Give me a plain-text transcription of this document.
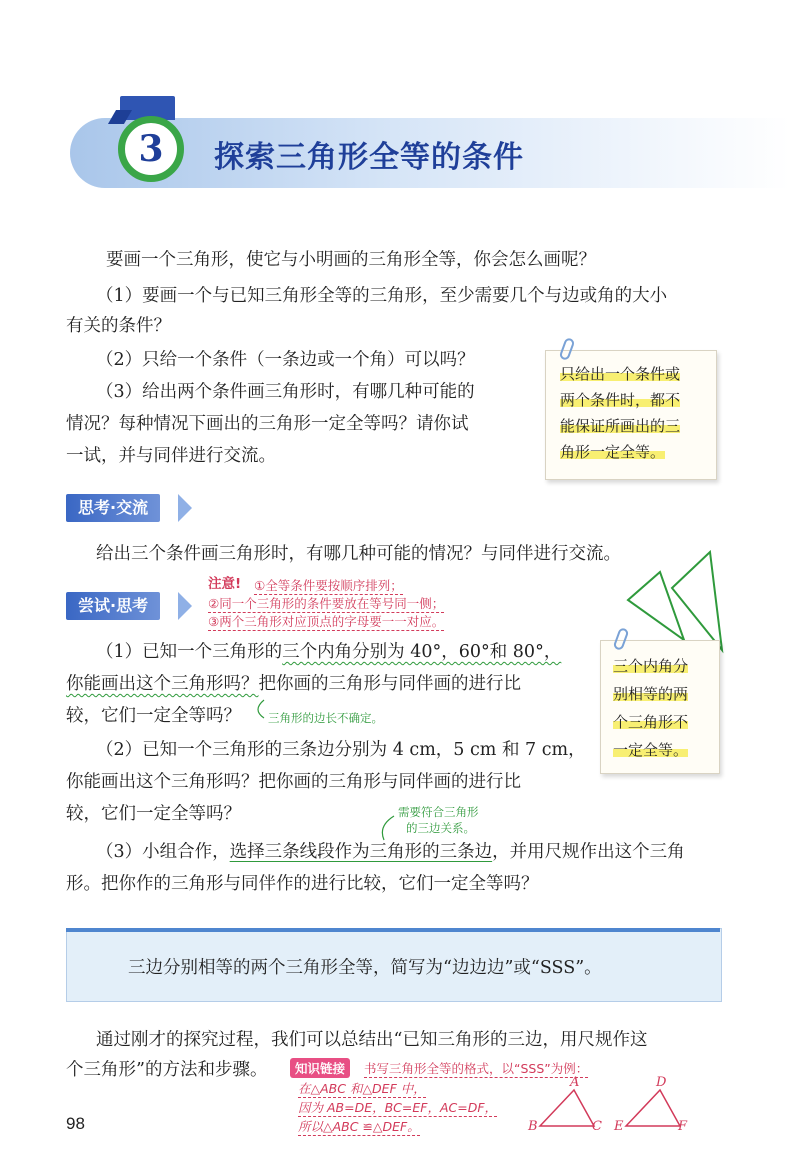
3 探索三角形全等的条件
要画一个三角形，使它与小明画的三角形全等，你会怎么画呢？
（1）要画一个与已知三角形全等的三角形，至少需要几个与边或角的大小
有关的条件？
（2）只给一个条件（一条边或一个角）可以吗？
（3）给出两个条件画三角形时，有哪几种可能的
情况？每种情况下画出的三角形一定全等吗？请你试
一试，并与同伴进行交流。
只给出一个条件或
两个条件时，都不
能保证所画出的三
角形一定全等。
思考·交流
给出三个条件画三角形时，有哪几种可能的情况？与同伴进行交流。
尝试·思考
注意! ①全等条件要按顺序排列；
②同一个三角形的条件要放在等号同一侧；
③两个三角形对应顶点的字母要一一对应。
（1）已知一个三角形的三个内角分别为 40°，60°和 80°，
你能画出这个三角形吗？把你画的三角形与同伴画的进行比
较，它们一定全等吗？ 三角形的边长不确定。
（2）已知一个三角形的三条边分别为 4 cm，5 cm 和 7 cm，
你能画出这个三角形吗？把你画的三角形与同伴画的进行比
较，它们一定全等吗？	需要符合三角形
的三边关系。
（3）小组合作，选择三条线段作为三角形的三条边，并用尺规作出这个三角
形。把你作的三角形与同伴作的进行比较，它们一定全等吗？
三个内角分
别相等的两
个三角形不
一定全等。
三边分别相等的两个三角形全等，简写为“边边边”或“SSS”。
通过刚才的探究过程，我们可以总结出“已知三角形的三边，用尺规作这
个三角形”的方法和步骤。	知识链接	书写三角形全等的格式，以“SSS”为例：
在△ABC 和△DEF 中，
因为 AB=DE，BC=EF，AC=DF，
所以△ABC ≌△DEF。
A
B	C
D
E	F
98
